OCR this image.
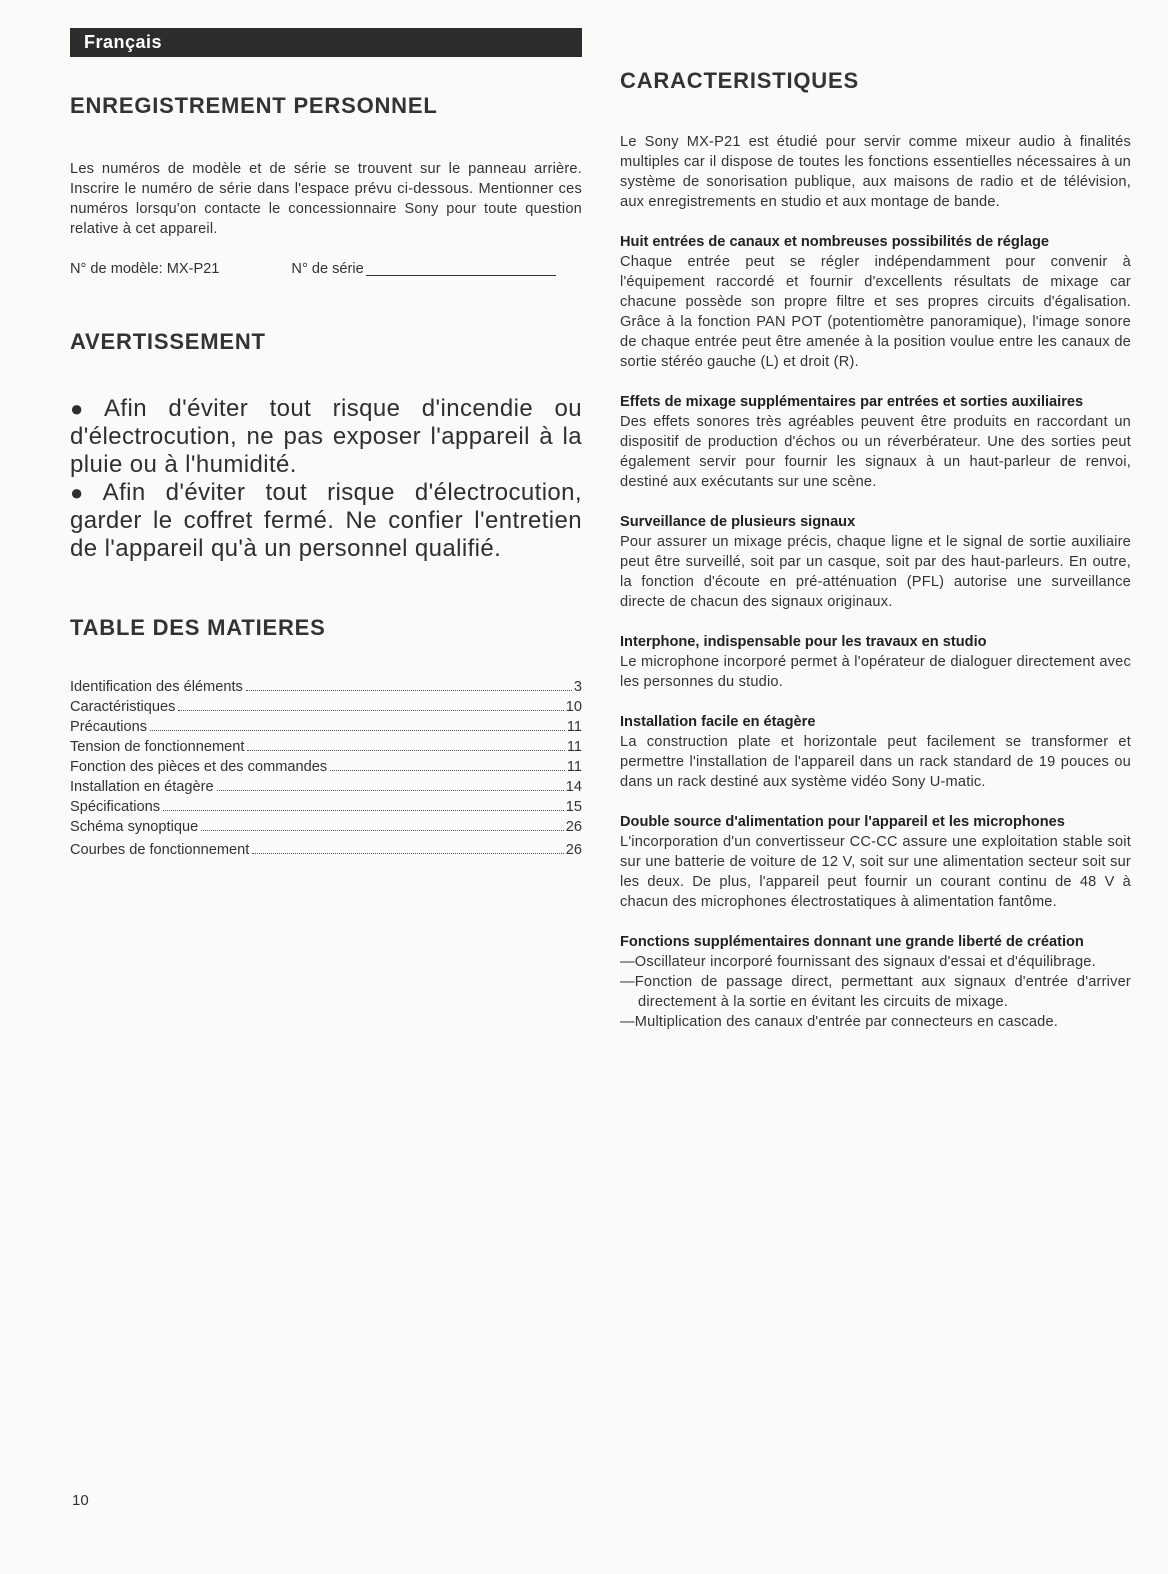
Français
ENREGISTREMENT PERSONNEL

Les numéros de modèle et de série se trouvent sur le panneau arrière. Inscrire le numéro de série dans l'espace prévu ci-dessous. Mentionner ces numéros lorsqu'on contacte le concessionnaire Sony pour toute question relative à cet appareil.

N° de modèle: MX-P21	N° de série
AVERTISSEMENT

● Afin d'éviter tout risque d'incendie ou d'électrocution, ne pas exposer l'appareil à la pluie ou à l'humidité.

● Afin d'éviter tout risque d'électrocution, garder le coffret fermé. Ne confier l'entretien de l'appareil qu'à un personnel qualifié.

TABLE DES MATIERES
Identification des éléments	3
Caractéristiques	10
Précautions	11
Tension de fonctionnement	11
Fonction des pièces et des commandes	11
Installation en étagère	14
Spécifications	15
Schéma synoptique	26
Courbes de fonctionnement	26
CARACTERISTIQUES

Le Sony MX-P21 est étudié pour servir comme mixeur audio à finalités multiples car il dispose de toutes les fonctions essentielles nécessaires à un système de sonorisation publique, aux maisons de radio et de télévision, aux enregistrements en studio et aux montage de bande.

Huit entrées de canaux et nombreuses possibilités de réglage

Chaque entrée peut se régler indépendamment pour convenir à l'équipement raccordé et fournir d'excellents résultats de mixage car chacune possède son propre filtre et ses propres circuits d'égalisation. Grâce à la fonction PAN POT (potentiomètre panoramique), l'image sonore de chaque entrée peut être amenée à la position voulue entre les canaux de sortie stéréo gauche (L) et droit (R).

Effets de mixage supplémentaires par entrées et sorties auxiliaires

Des effets sonores très agréables peuvent être produits en raccordant un dispositif de production d'échos ou un réverbérateur. Une des sorties peut également servir pour fournir les signaux à un haut-parleur de renvoi, destiné aux exécutants sur une scène.

Surveillance de plusieurs signaux

Pour assurer un mixage précis, chaque ligne et le signal de sortie auxiliaire peut être surveillé, soit par un casque, soit par des haut-parleurs. En outre, la fonction d'écoute en pré-atténuation (PFL) autorise une surveillance directe de chacun des signaux originaux.

Interphone, indispensable pour les travaux en studio

Le microphone incorporé permet à l'opérateur de dialoguer directement avec les personnes du studio.

Installation facile en étagère

La construction plate et horizontale peut facilement se transformer et permettre l'installation de l'appareil dans un rack standard de 19 pouces ou dans un rack destiné aux système vidéo Sony U-matic.

Double source d'alimentation pour l'appareil et les microphones

L'incorporation d'un convertisseur CC-CC assure une exploitation stable soit sur une batterie de voiture de 12 V, soit sur une alimentation secteur soit sur les deux. De plus, l'appareil peut fournir un courant continu de 48 V à chacun des microphones électrostatiques à alimentation fantôme.

Fonctions supplémentaires donnant une grande liberté de création

—Oscillateur incorporé fournissant des signaux d'essai et d'équilibrage.

—Fonction de passage direct, permettant aux signaux d'entrée d'arriver directement à la sortie en évitant les circuits de mixage.

—Multiplication des canaux d'entrée par connecteurs en cascade.

10
